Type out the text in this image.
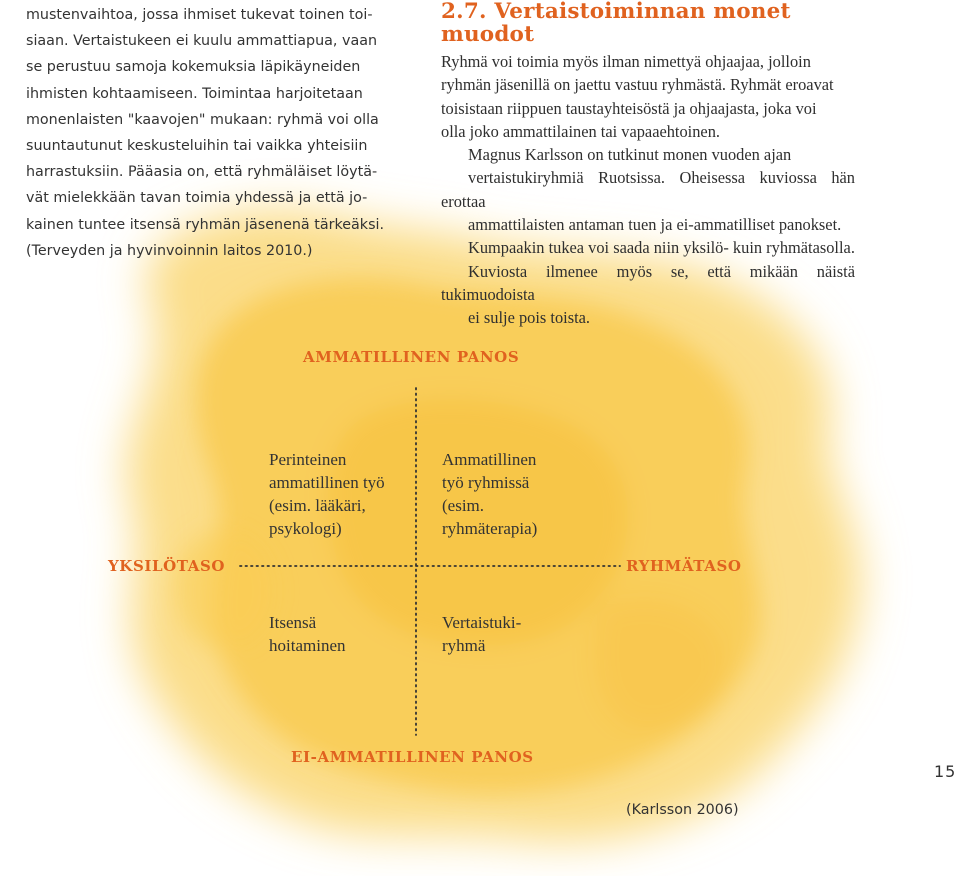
mustenvaihtoa, jossa ihmiset tukevat toinen toi-
siaan. Vertaistukeen ei kuulu ammattiapua, vaan
se perustuu samoja kokemuksia läpikäyneiden
ihmisten kohtaamiseen. Toimintaa harjoitetaan
monenlaisten "kaavojen" mukaan: ryhmä voi olla
suuntautunut keskusteluihin tai vaikka yhteisiin
harrastuksiin. Pääasia on, että ryhmäläiset löytä-
vät mielekkään tavan toimia yhdessä ja että jo-
kainen tuntee itsensä ryhmän jäsenenä tärkeäksi.
(Terveyden ja hyvinvoinnin laitos 2010.)
2.7. Vertaistoiminnan monet
muodot

Ryhmä voi toimia myös ilman nimettyä ohjaajaa, jolloin
ryhmän jäsenillä on jaettu vastuu ryhmästä. Ryhmät eroavat
toisistaan riippuen taustayhteisöstä ja ohjaajasta, joka voi
olla joko ammattilainen tai vapaaehtoinen.

Magnus Karlsson on tutkinut monen vuoden ajan
vertaistukiryhmiä Ruotsissa. Oheisessa kuviossa hän erottaa
ammattilaisten antaman tuen ja ei-ammatilliset panokset.
Kumpaakin tukea voi saada niin yksilö- kuin ryhmätasolla.
Kuviosta ilmenee myös se, että mikään näistä tukimuodoista
ei sulje pois toista.

AMMATILLINEN PANOS
EI-AMMATILLINEN PANOS
YKSILÖTASO	RYHMÄTASO
Perinteinen
ammatillinen työ
(esim. lääkäri,
psykologi)
Ammatillinen
työ ryhmissä
(esim.
ryhmäterapia)
Itsensä
hoitaminen
Vertaistuki-
ryhmä
(Karlsson 2006)
15
